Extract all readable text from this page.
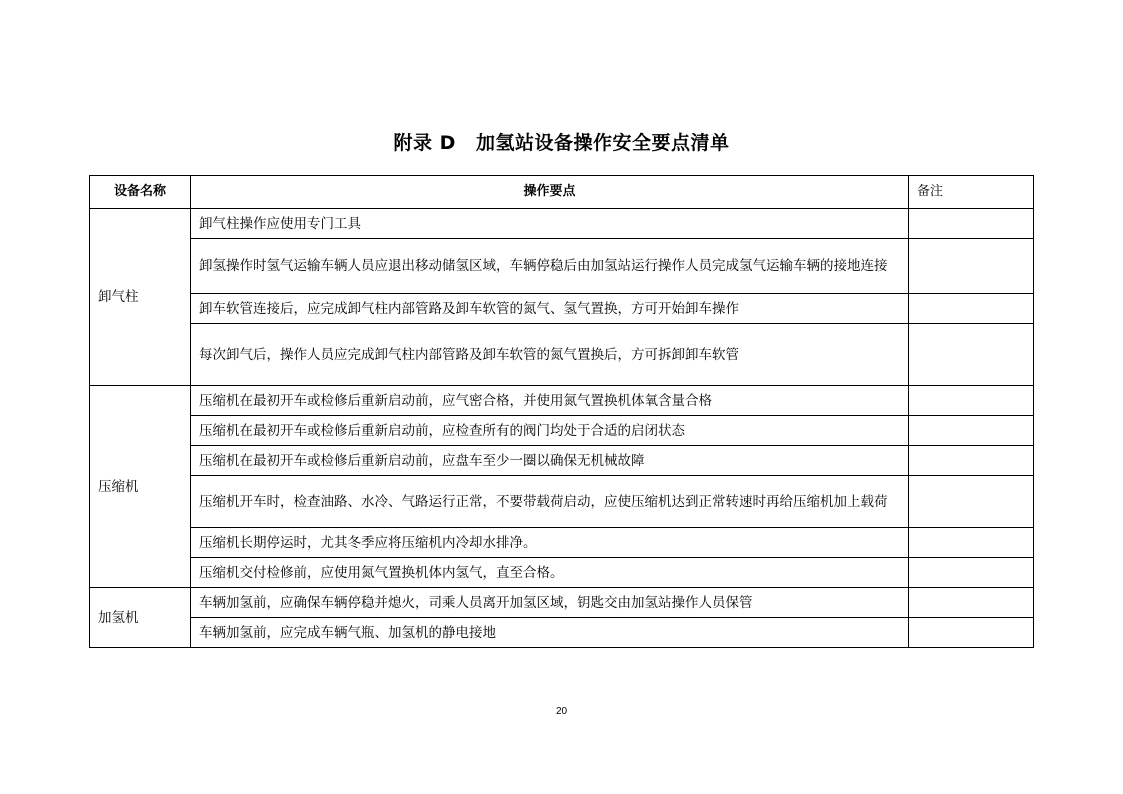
附录 D 加氢站设备操作安全要点清单
设备名称	操作要点	备注
卸气柱	卸气柱操作应使用专门工具	
	卸氢操作时氢气运输车辆人员应退出移动储氢区域，车辆停稳后由加氢站运行操作人员完成氢气运输车辆的接地连接	
	卸车软管连接后，应完成卸气柱内部管路及卸车软管的氮气、氢气置换，方可开始卸车操作	
	每次卸气后，操作人员应完成卸气柱内部管路及卸车软管的氮气置换后，方可拆卸卸车软管	
压缩机	压缩机在最初开车或检修后重新启动前，应气密合格，并使用氮气置换机体氧含量合格	
	压缩机在最初开车或检修后重新启动前，应检查所有的阀门均处于合适的启闭状态	
	压缩机在最初开车或检修后重新启动前，应盘车至少一圈以确保无机械故障	
	压缩机开车时，检查油路、水冷、气路运行正常，不要带载荷启动，应使压缩机达到正常转速时再给压缩机加上载荷	
	压缩机长期停运时，尤其冬季应将压缩机内冷却水排净。	
	压缩机交付检修前，应使用氮气置换机体内氢气，直至合格。	
加氢机	车辆加氢前，应确保车辆停稳并熄火，司乘人员离开加氢区域，钥匙交由加氢站操作人员保管	
	车辆加氢前，应完成车辆气瓶、加氢机的静电接地	
20
